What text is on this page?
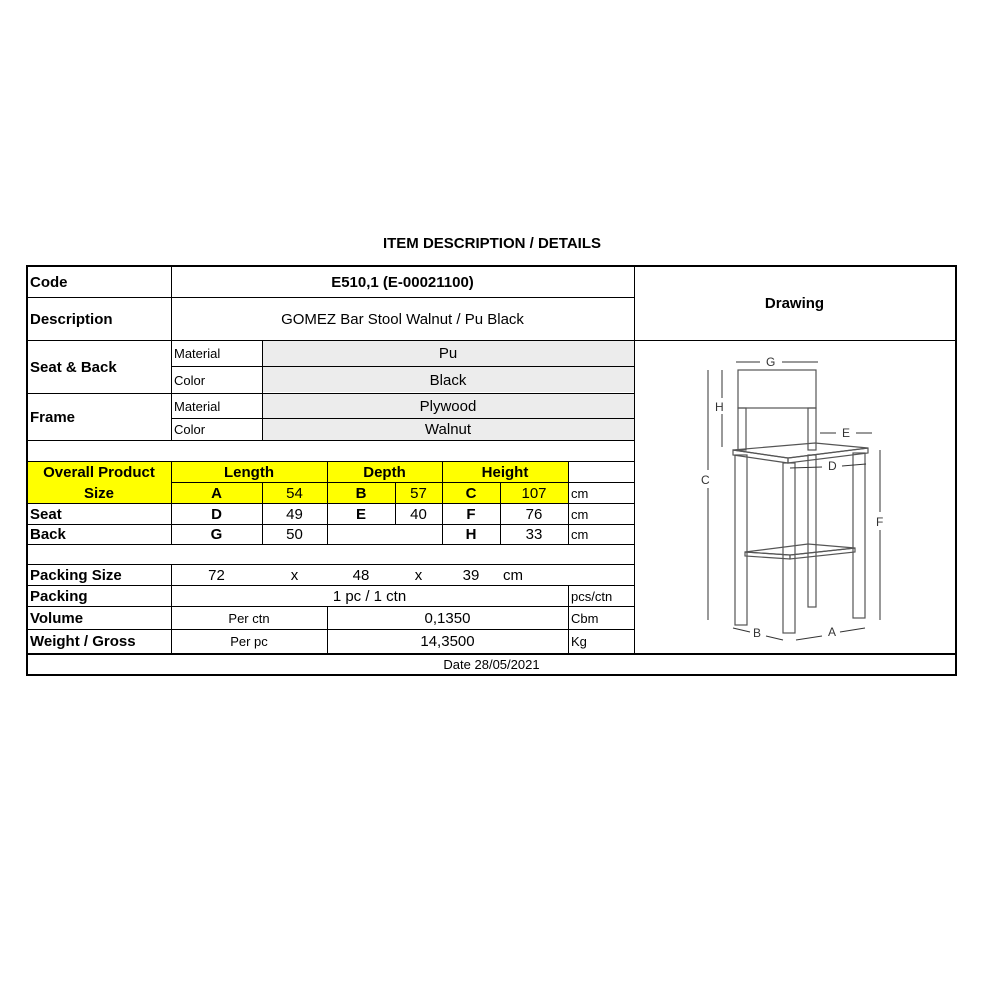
ITEM DESCRIPTION / DETAILS
Code	E510,1 (E-00021100)
Description	GOMEZ Bar Stool Walnut / Pu Black
Drawing
Seat & Back
Material	Pu
Color	Black
Frame
Material	Plywood
Color	Walnut
Overall Product
Size
Length	Depth	Height
A	54	B	57	C	107	cm
Seat	D	49	E	40	F	76	cm
Back	G	50	H	33	cm
Packing Size	72	x	48	x	39	cm
Packing	1 pc / 1 ctn	pcs/ctn
Volume	Per ctn	0,1350	Cbm
Weight / Gross	Per pc	14,3500	Kg
Date 28/05/2021
G
H
E
D
C
F
B	A
